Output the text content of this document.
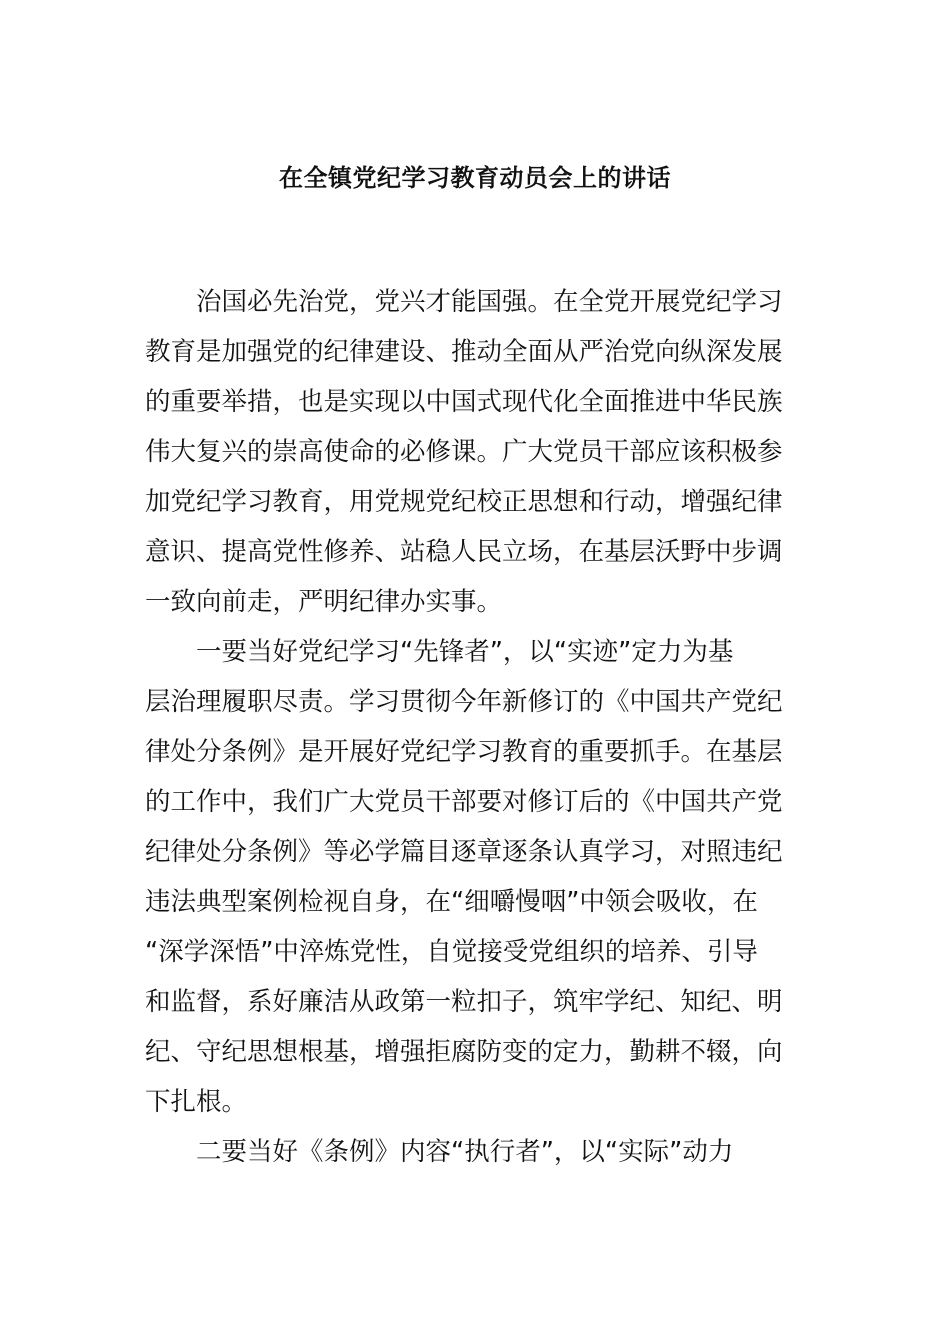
在全镇党纪学习教育动员会上的讲话
治国必先治党，党兴才能国强。在全党开展党纪学习
教育是加强党的纪律建设、推动全面从严治党向纵深发展
的重要举措，也是实现以中国式现代化全面推进中华民族
伟大复兴的崇高使命的必修课。广大党员干部应该积极参
加党纪学习教育，用党规党纪校正思想和行动，增强纪律
意识、提高党性修养、站稳人民立场，在基层沃野中步调
一致向前走，严明纪律办实事。
一要当好党纪学习“先锋者”，以“实迹”定力为基
层治理履职尽责。学习贯彻今年新修订的《中国共产党纪
律处分条例》是开展好党纪学习教育的重要抓手。在基层
的工作中，我们广大党员干部要对修订后的《中国共产党
纪律处分条例》等必学篇目逐章逐条认真学习，对照违纪
违法典型案例检视自身，在“细嚼慢咽”中领会吸收，在
“深学深悟”中淬炼党性，自觉接受党组织的培养、引导
和监督，系好廉洁从政第一粒扣子，筑牢学纪、知纪、明
纪、守纪思想根基，增强拒腐防变的定力，勤耕不辍，向
下扎根。
二要当好《条例》内容“执行者”，以“实际”动力
